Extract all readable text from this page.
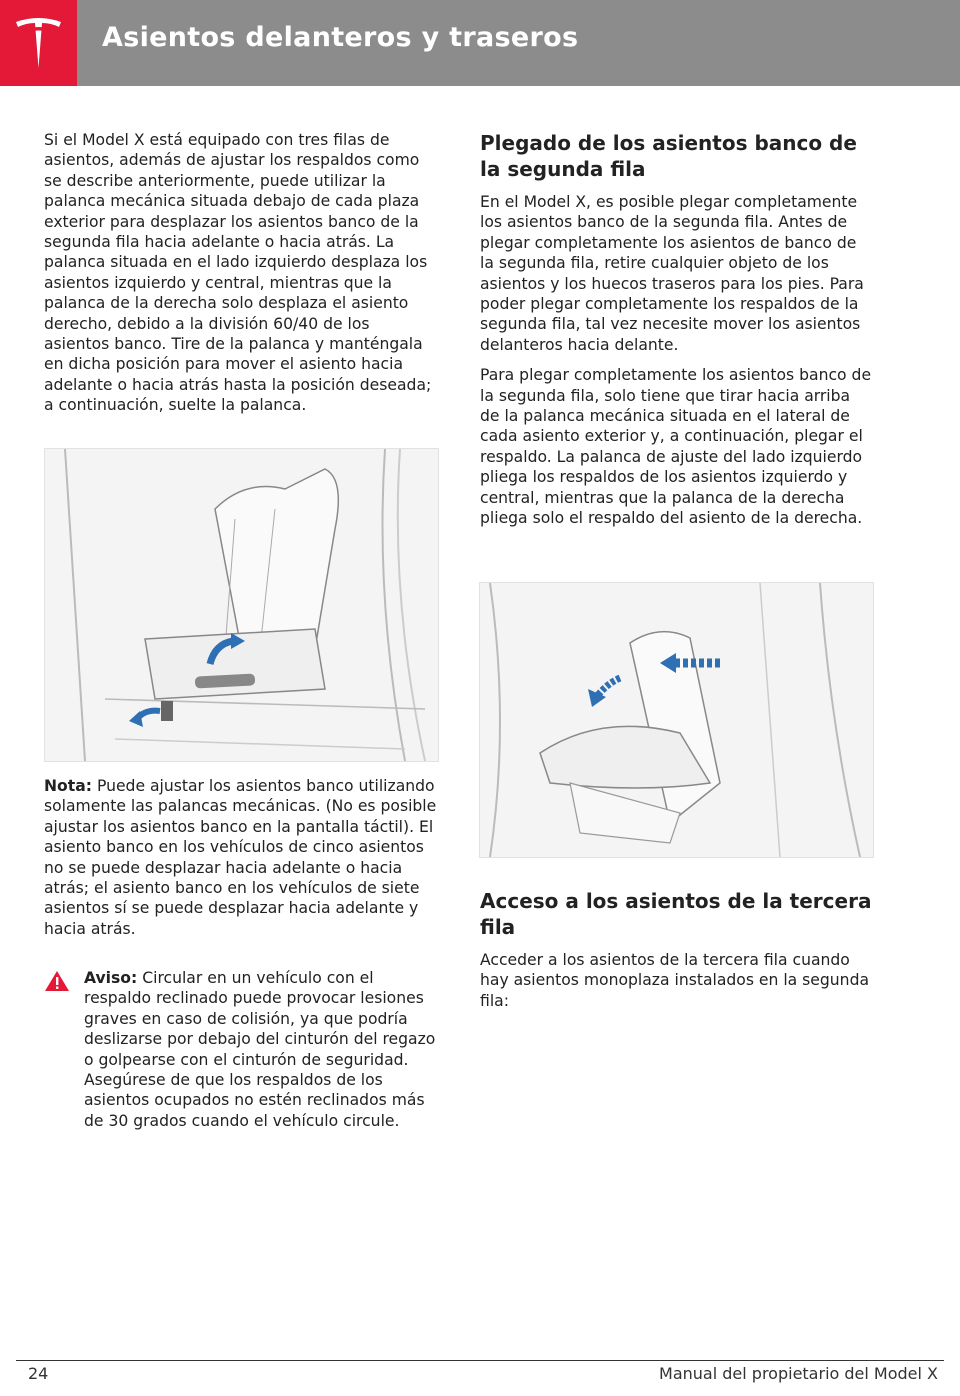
Asientos delanteros y traseros

Si el Model X está equipado con tres filas de asientos, además de ajustar los respaldos como se describe anteriormente, puede utilizar la palanca mecánica situada debajo de cada plaza exterior para desplazar los asientos banco de la segunda fila hacia adelante o hacia atrás. La palanca situada en el lado izquierdo desplaza los asientos izquierdo y central, mientras que la palanca de la derecha solo desplaza el asiento derecho, debido a la división 60/40 de los asientos banco. Tire de la palanca y manténgala en dicha posición para mover el asiento hacia adelante o hacia atrás hasta la posición deseada; a continuación, suelte la palanca.

Nota: Puede ajustar los asientos banco utilizando solamente las palancas mecánicas. (No es posible ajustar los asientos banco en la pantalla táctil). El asiento banco en los vehículos de cinco asientos no se puede desplazar hacia adelante o hacia atrás; el asiento banco en los vehículos de siete asientos sí se puede desplazar hacia adelante y hacia atrás.

Aviso: Circular en un vehículo con el respaldo reclinado puede provocar lesiones graves en caso de colisión, ya que podría deslizarse por debajo del cinturón del regazo o golpearse con el cinturón de seguridad. Asegúrese de que los respaldos de los asientos ocupados no estén reclinados más de 30 grados cuando el vehículo circule.

Plegado de los asientos banco de la segunda fila

En el Model X, es posible plegar completamente los asientos banco de la segunda fila. Antes de plegar completamente los asientos de banco de la segunda fila, retire cualquier objeto de los asientos y los huecos traseros para los pies. Para poder plegar completamente los respaldos de la segunda fila, tal vez necesite mover los asientos delanteros hacia delante.

Para plegar completamente los asientos banco de la segunda fila, solo tiene que tirar hacia arriba de la palanca mecánica situada en el lateral de cada asiento exterior y, a continuación, plegar el respaldo. La palanca de ajuste del lado izquierdo pliega los respaldos de los asientos izquierdo y central, mientras que la palanca de la derecha pliega solo el respaldo del asiento de la derecha.

Acceso a los asientos de la tercera fila

Acceder a los asientos de la tercera fila cuando hay asientos monoplaza instalados en la segunda fila:

24	Manual del propietario del Model X
